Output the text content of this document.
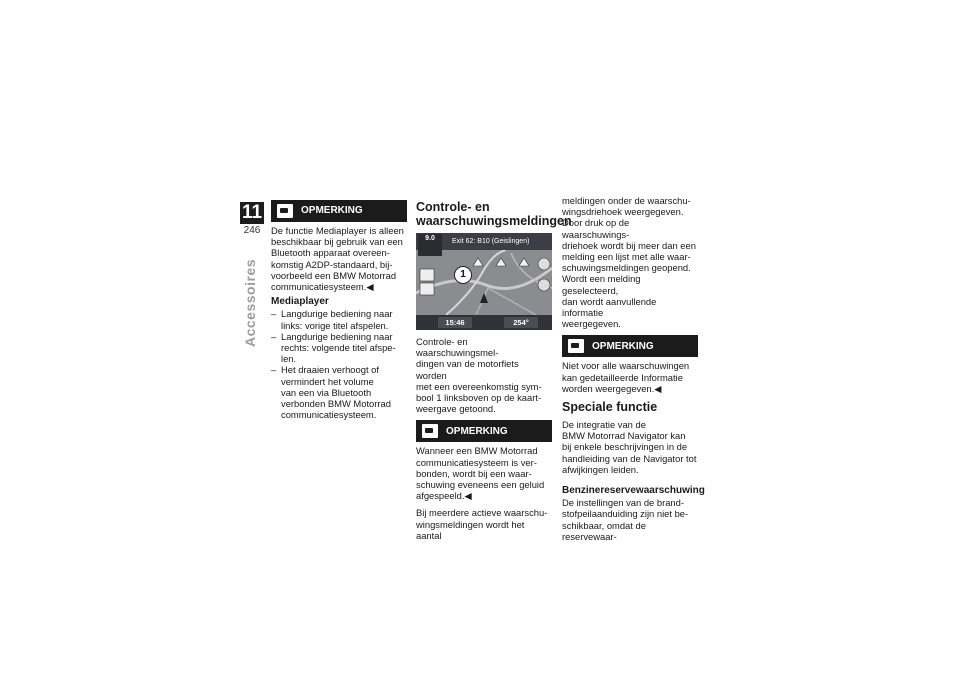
11
246
Accessoires
OPMERKING

De functie Mediaplayer is alleen
beschikbaar bij gebruik van een
Bluetooth apparaat overeen-
komstig A2DP-standaard, bij-
voorbeeld een BMW Motorrad
communicatiesysteem.◀

Mediaplayer
– Langdurige bediening naar
links: vorige titel afspelen.
– Langdurige bediening naar
rechts: volgende titel afspe-
len.
– Het draaien verhoogt of
vermindert het volume
van een via Bluetooth
verbonden BMW Motorrad
communicatiesysteem.
Controle- en
waarschuwingsmeldingen
9.0	Exit 62: B10 (Geislingen)
1
15:46	254°

Controle- en waarschuwingsmel-
dingen van de motorfiets worden
met een overeenkomstig sym-
bool 1 linksboven op de kaart-
weergave getoond.

OPMERKING

Wanneer een BMW Motorrad
communicatiesysteem is ver-
bonden, wordt bij een waar-
schuwing eveneens een geluid
afgespeeld.◀

Bij meerdere actieve waarschu-
wingsmeldingen wordt het aantal

meldingen onder de waarschu-
wingsdriehoek weergegeven.
Door druk op de waarschuwings-
driehoek wordt bij meer dan een
melding een lijst met alle waar-
schuwingsmeldingen geopend.
Wordt een melding geselecteerd,
dan wordt aanvullende informatie
weergegeven.

OPMERKING

Niet voor alle waarschuwingen
kan gedetailleerde Informatie
worden weergegeven.◀

Speciale functie

De integratie van de
BMW Motorrad Navigator kan
bij enkele beschrijvingen in de
handleiding van de Navigator tot
afwijkingen leiden.

Benzinereservewaarschuwing

De instellingen van de brand-
stofpeilaanduiding zijn niet be-
schikbaar, omdat de reservewaar-
